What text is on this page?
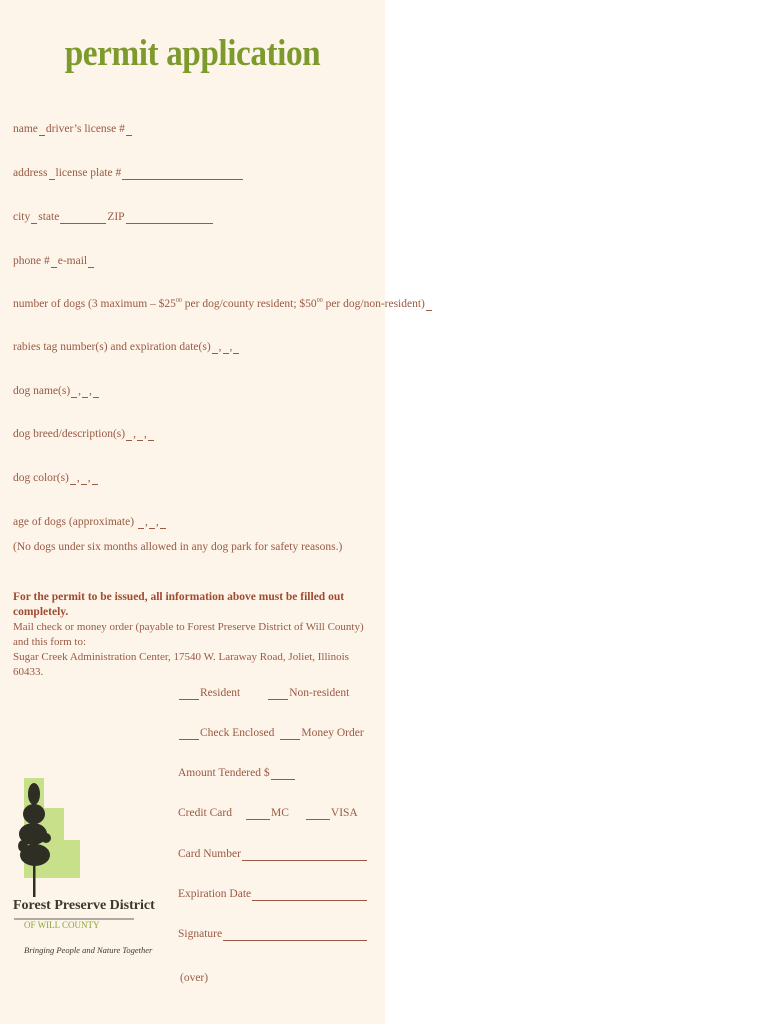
permit application
name driver’s license #
address license plate #
city state	ZIP
phone # e-mail
number of dogs (3 maximum – $\$25^{00}$ per dog/county resident; $\$50^{00}$ per dog/non-resident)
rabies tag number(s) and expiration date(s) , ,
dog name(s) , ,
dog breed/description(s) , ,
dog color(s) , ,
age of dogs (approximate) , ,
(No dogs under six months allowed in any dog park for safety reasons.)
For the permit to be issued, all information above must be filled out completely.
Mail check or money order (payable to Forest Preserve District of Will County) and this form to:
Sugar Creek Administration Center, 17540 W. Laraway Road, Joliet, Illinois 60433.
Resident	Non-resident
Check Enclosed Money Order
Amount Tendered $
Credit Card	MC	VISA
Card Number
Expiration Date
Signature
(over)
Forest Preserve District
OF WILL COUNTY
Bringing People and Nature Together
